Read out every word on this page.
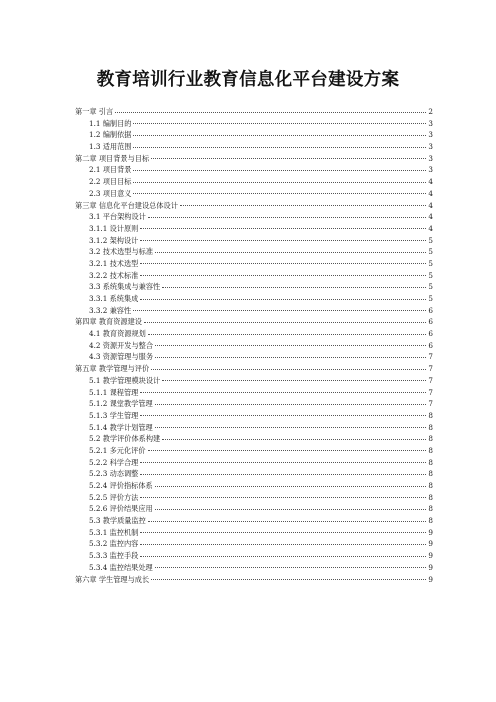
教育培训行业教育信息化平台建设方案
第一章 引言	2
1.1 编制目的	3
1.2 编制依据	3
1.3 适用范围	3
第二章 项目背景与目标	3
2.1 项目背景	3
2.2 项目目标	4
2.3 项目意义	4
第三章 信息化平台建设总体设计	4
3.1 平台架构设计	4
3.1.1 设计原则	4
3.1.2 架构设计	5
3.2 技术选型与标准	5
3.2.1 技术选型	5
3.2.2 技术标准	5
3.3 系统集成与兼容性	5
3.3.1 系统集成	5
3.3.2 兼容性	6
第四章 教育资源建设	6
4.1 教育资源规划	6
4.2 资源开发与整合	6
4.3 资源管理与服务	7
第五章 教学管理与评价	7
5.1 教学管理模块设计	7
5.1.1 课程管理	7
5.1.2 课堂教学管理	7
5.1.3 学生管理	8
5.1.4 教学计划管理	8
5.2 教学评价体系构建	8
5.2.1 多元化评价	8
5.2.2 科学合理	8
5.2.3 动态调整	8
5.2.4 评价指标体系	8
5.2.5 评价方法	8
5.2.6 评价结果应用	8
5.3 教学质量监控	8
5.3.1 监控机制	9
5.3.2 监控内容	9
5.3.3 监控手段	9
5.3.4 监控结果处理	9
第六章 学生管理与成长	9
